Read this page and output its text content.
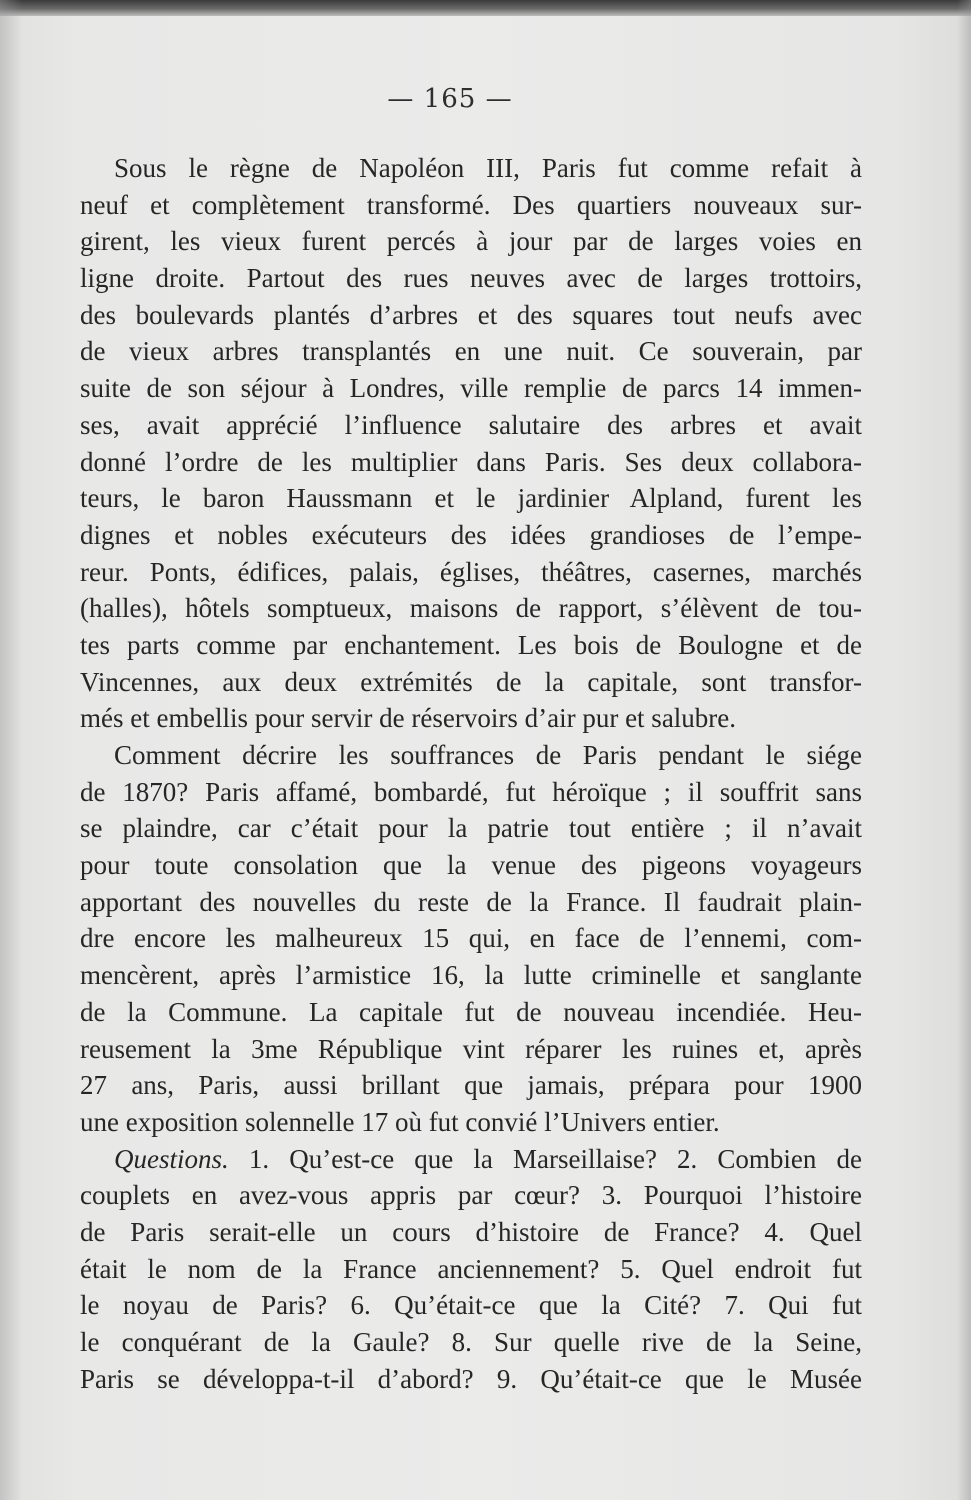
— 165 —
Sous le règne de Napoléon III, Paris fut comme refait à
neuf et complètement transformé. Des quartiers nouveaux sur-
girent, les vieux furent percés à jour par de larges voies en
ligne droite. Partout des rues neuves avec de larges trottoirs,
des boulevards plantés d’arbres et des squares tout neufs avec
de vieux arbres transplantés en une nuit. Ce souverain, par
suite de son séjour à Londres, ville remplie de parcs 14 immen-
ses, avait apprécié l’influence salutaire des arbres et avait
donné l’ordre de les multiplier dans Paris. Ses deux collabora-
teurs, le baron Haussmann et le jardinier Alpland, furent les
dignes et nobles exécuteurs des idées grandioses de l’empe-
reur. Ponts, édifices, palais, églises, théâtres, casernes, marchés
(halles), hôtels somptueux, maisons de rapport, s’élèvent de tou-
tes parts comme par enchantement. Les bois de Boulogne et de
Vincennes, aux deux extrémités de la capitale, sont transfor-
més et embellis pour servir de réservoirs d’air pur et salubre.
Comment décrire les souffrances de Paris pendant le siége
de 1870? Paris affamé, bombardé, fut héroïque ; il souffrit sans
se plaindre, car c’était pour la patrie tout entière ; il n’avait
pour toute consolation que la venue des pigeons voyageurs
apportant des nouvelles du reste de la France. Il faudrait plain-
dre encore les malheureux 15 qui, en face de l’ennemi, com-
mencèrent, après l’armistice 16, la lutte criminelle et sanglante
de la Commune. La capitale fut de nouveau incendiée. Heu-
reusement la 3me République vint réparer les ruines et, après
27 ans, Paris, aussi brillant que jamais, prépara pour 1900
une exposition solennelle 17 où fut convié l’Univers entier.
Questions. 1. Qu’est-ce que la Marseillaise? 2. Combien de
couplets en avez-vous appris par cœur? 3. Pourquoi l’histoire
de Paris serait-elle un cours d’histoire de France? 4. Quel
était le nom de la France anciennement? 5. Quel endroit fut
le noyau de Paris? 6. Qu’était-ce que la Cité? 7. Qui fut
le conquérant de la Gaule? 8. Sur quelle rive de la Seine,
Paris se développa-t-il d’abord? 9. Qu’était-ce que le Musée
